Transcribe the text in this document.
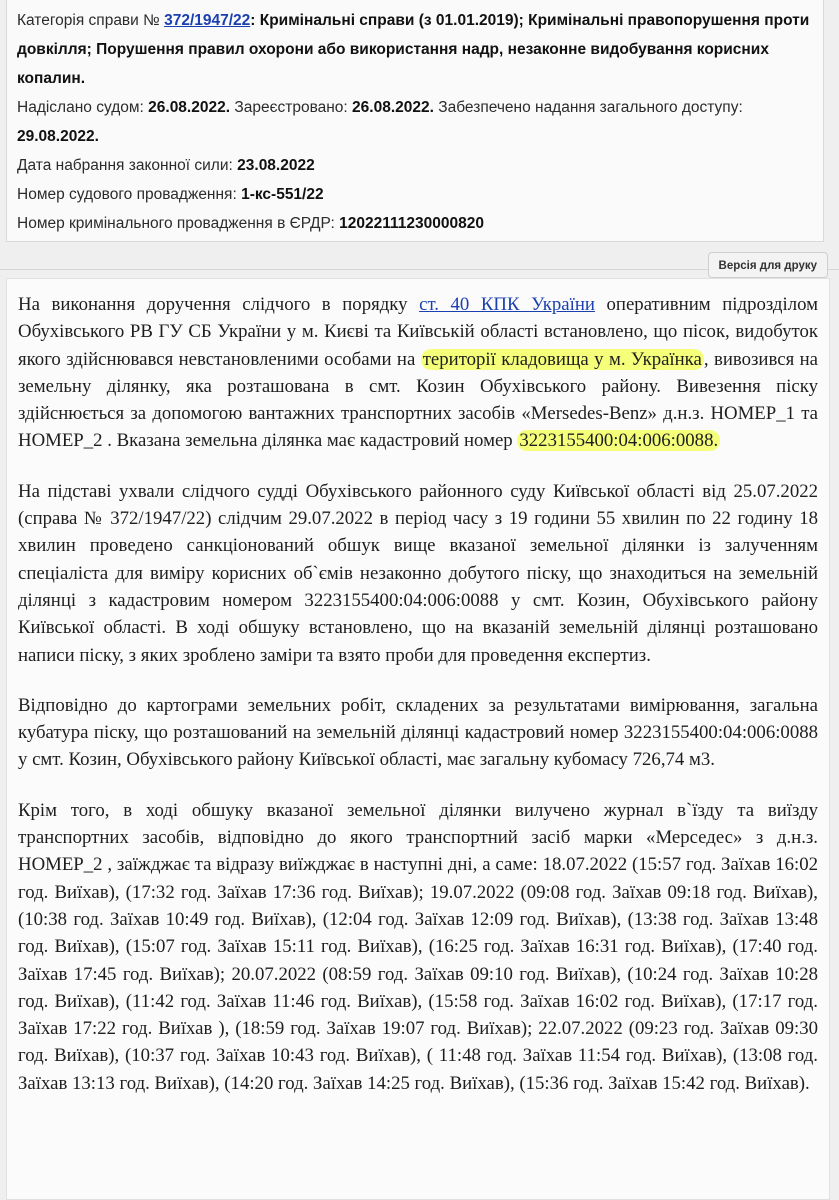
Категорія справи № 372/1947/22: Кримінальні справи (з 01.01.2019); Кримінальні правопорушення проти довкілля; Порушення правил охорони або використання надр, незаконне видобування корисних копалин.

Надіслано судом: 26.08.2022. Зареєстровано: 26.08.2022. Забезпечено надання загального доступу: 29.08.2022.

Дата набрання законної сили: 23.08.2022

Номер судового провадження: 1-кс-551/22

Номер кримінального провадження в ЄРДР: 12022111230000820

Версія для друку

На виконання доручення слідчого в порядку ст. 40 КПК України оперативним підрозділом Обухівського РВ ГУ СБ України у м. Києві та Київській області встановлено, що пісок, видобуток якого здійснювався невстановленими особами на території кладовища у м. Українка , вивозився на земельну ділянку, яка розташована в смт. Козин Обухівського району. Вивезення піску здійснюється за допомогою вантажних транспортних засобів «Mersedes-Benz» д.н.з. НОМЕР_1 та НОМЕР_2 . Вказана земельна ділянка має кадастровий номер 3223155400:04:006:0088.

На підставі ухвали слідчого судді Обухівського районного суду Київської області від 25.07.2022 (справа № 372/1947/22) слідчим 29.07.2022 в період часу з 19 години 55 хвилин по 22 годину 18 хвилин проведено санкціонований обшук вище вказаної земельної ділянки із залученням спеціаліста для виміру корисних об`ємів незаконно добутого піску, що знаходиться на земельній ділянці з кадастровим номером 3223155400:04:006:0088 у смт. Козин, Обухівського району Київської області. В ході обшуку встановлено, що на вказаній земельній ділянці розташовано написи піску, з яких зроблено заміри та взято проби для проведення експертиз.

Відповідно до картограми земельних робіт, складених за результатами вимірювання, загальна кубатура піску, що розташований на земельній ділянці кадастровий номер 3223155400:04:006:0088 у смт. Козин, Обухівського району Київської області, має загальну кубомасу 726,74 м3.

Крім того, в ході обшуку вказаної земельної ділянки вилучено журнал в`їзду та виїзду транспортних засобів, відповідно до якого транспортний засіб марки «Мерседес» з д.н.з. НОМЕР_2 , заїжджає та відразу виїжджає в наступні дні, а саме: 18.07.2022 (15:57 год. Заїхав 16:02 год. Виїхав), (17:32 год. Заїхав 17:36 год. Виїхав); 19.07.2022 (09:08 год. Заїхав 09:18 год. Виїхав), (10:38 год. Заїхав 10:49 год. Виїхав), (12:04 год. Заїхав 12:09 год. Виїхав), (13:38 год. Заїхав 13:48 год. Виїхав), (15:07 год. Заїхав 15:11 год. Виїхав), (16:25 год. Заїхав 16:31 год. Виїхав), (17:40 год. Заїхав 17:45 год. Виїхав); 20.07.2022 (08:59 год. Заїхав 09:10 год. Виїхав), (10:24 год. Заїхав 10:28 год. Виїхав), (11:42 год. Заїхав 11:46 год. Виїхав), (15:58 год. Заїхав 16:02 год. Виїхав), (17:17 год. Заїхав 17:22 год. Виїхав ), (18:59 год. Заїхав 19:07 год. Виїхав); 22.07.2022 (09:23 год. Заїхав 09:30 год. Виїхав), (10:37 год. Заїхав 10:43 год. Виїхав), ( 11:48 год. Заїхав 11:54 год. Виїхав), (13:08 год. Заїхав 13:13 год. Виїхав), (14:20 год. Заїхав 14:25 год. Виїхав), (15:36 год. Заїхав 15:42 год. Виїхав).
